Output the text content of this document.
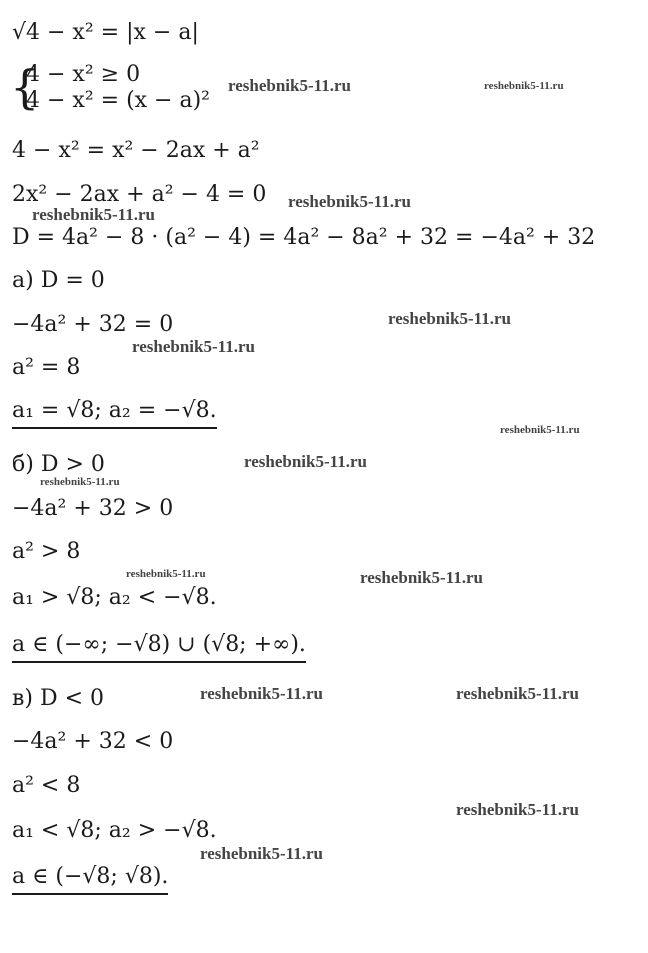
√4 − x² = |x − a|
{
4 − x² ≥ 0
4 − x² = (x − a)²
4 − x² = x² − 2ax + a²
2x² − 2ax + a² − 4 = 0
D = 4a² − 8 · (a² − 4) = 4a² − 8a² + 32 = −4a² + 32
а) D = 0
−4a² + 32 = 0
a² = 8
a₁ = √8; a₂ = −√8.
б) D > 0
−4a² + 32 > 0
a² > 8
a₁ > √8; a₂ < −√8.
a ∈ (−∞; −√8) ∪ (√8; +∞).
в) D < 0
−4a² + 32 < 0
a² < 8
a₁ < √8; a₂ > −√8.
a ∈ (−√8; √8).
reshebnik5-11.ru	reshebnik5-11.ru
reshebnik5-11.ru
reshebnik5-11.ru
reshebnik5-11.ru
reshebnik5-11.ru
reshebnik5-11.ru
reshebnik5-11.ru
reshebnik5-11.ru
reshebnik5-11.ru	reshebnik5-11.ru
reshebnik5-11.ru	reshebnik5-11.ru
reshebnik5-11.ru
reshebnik5-11.ru
